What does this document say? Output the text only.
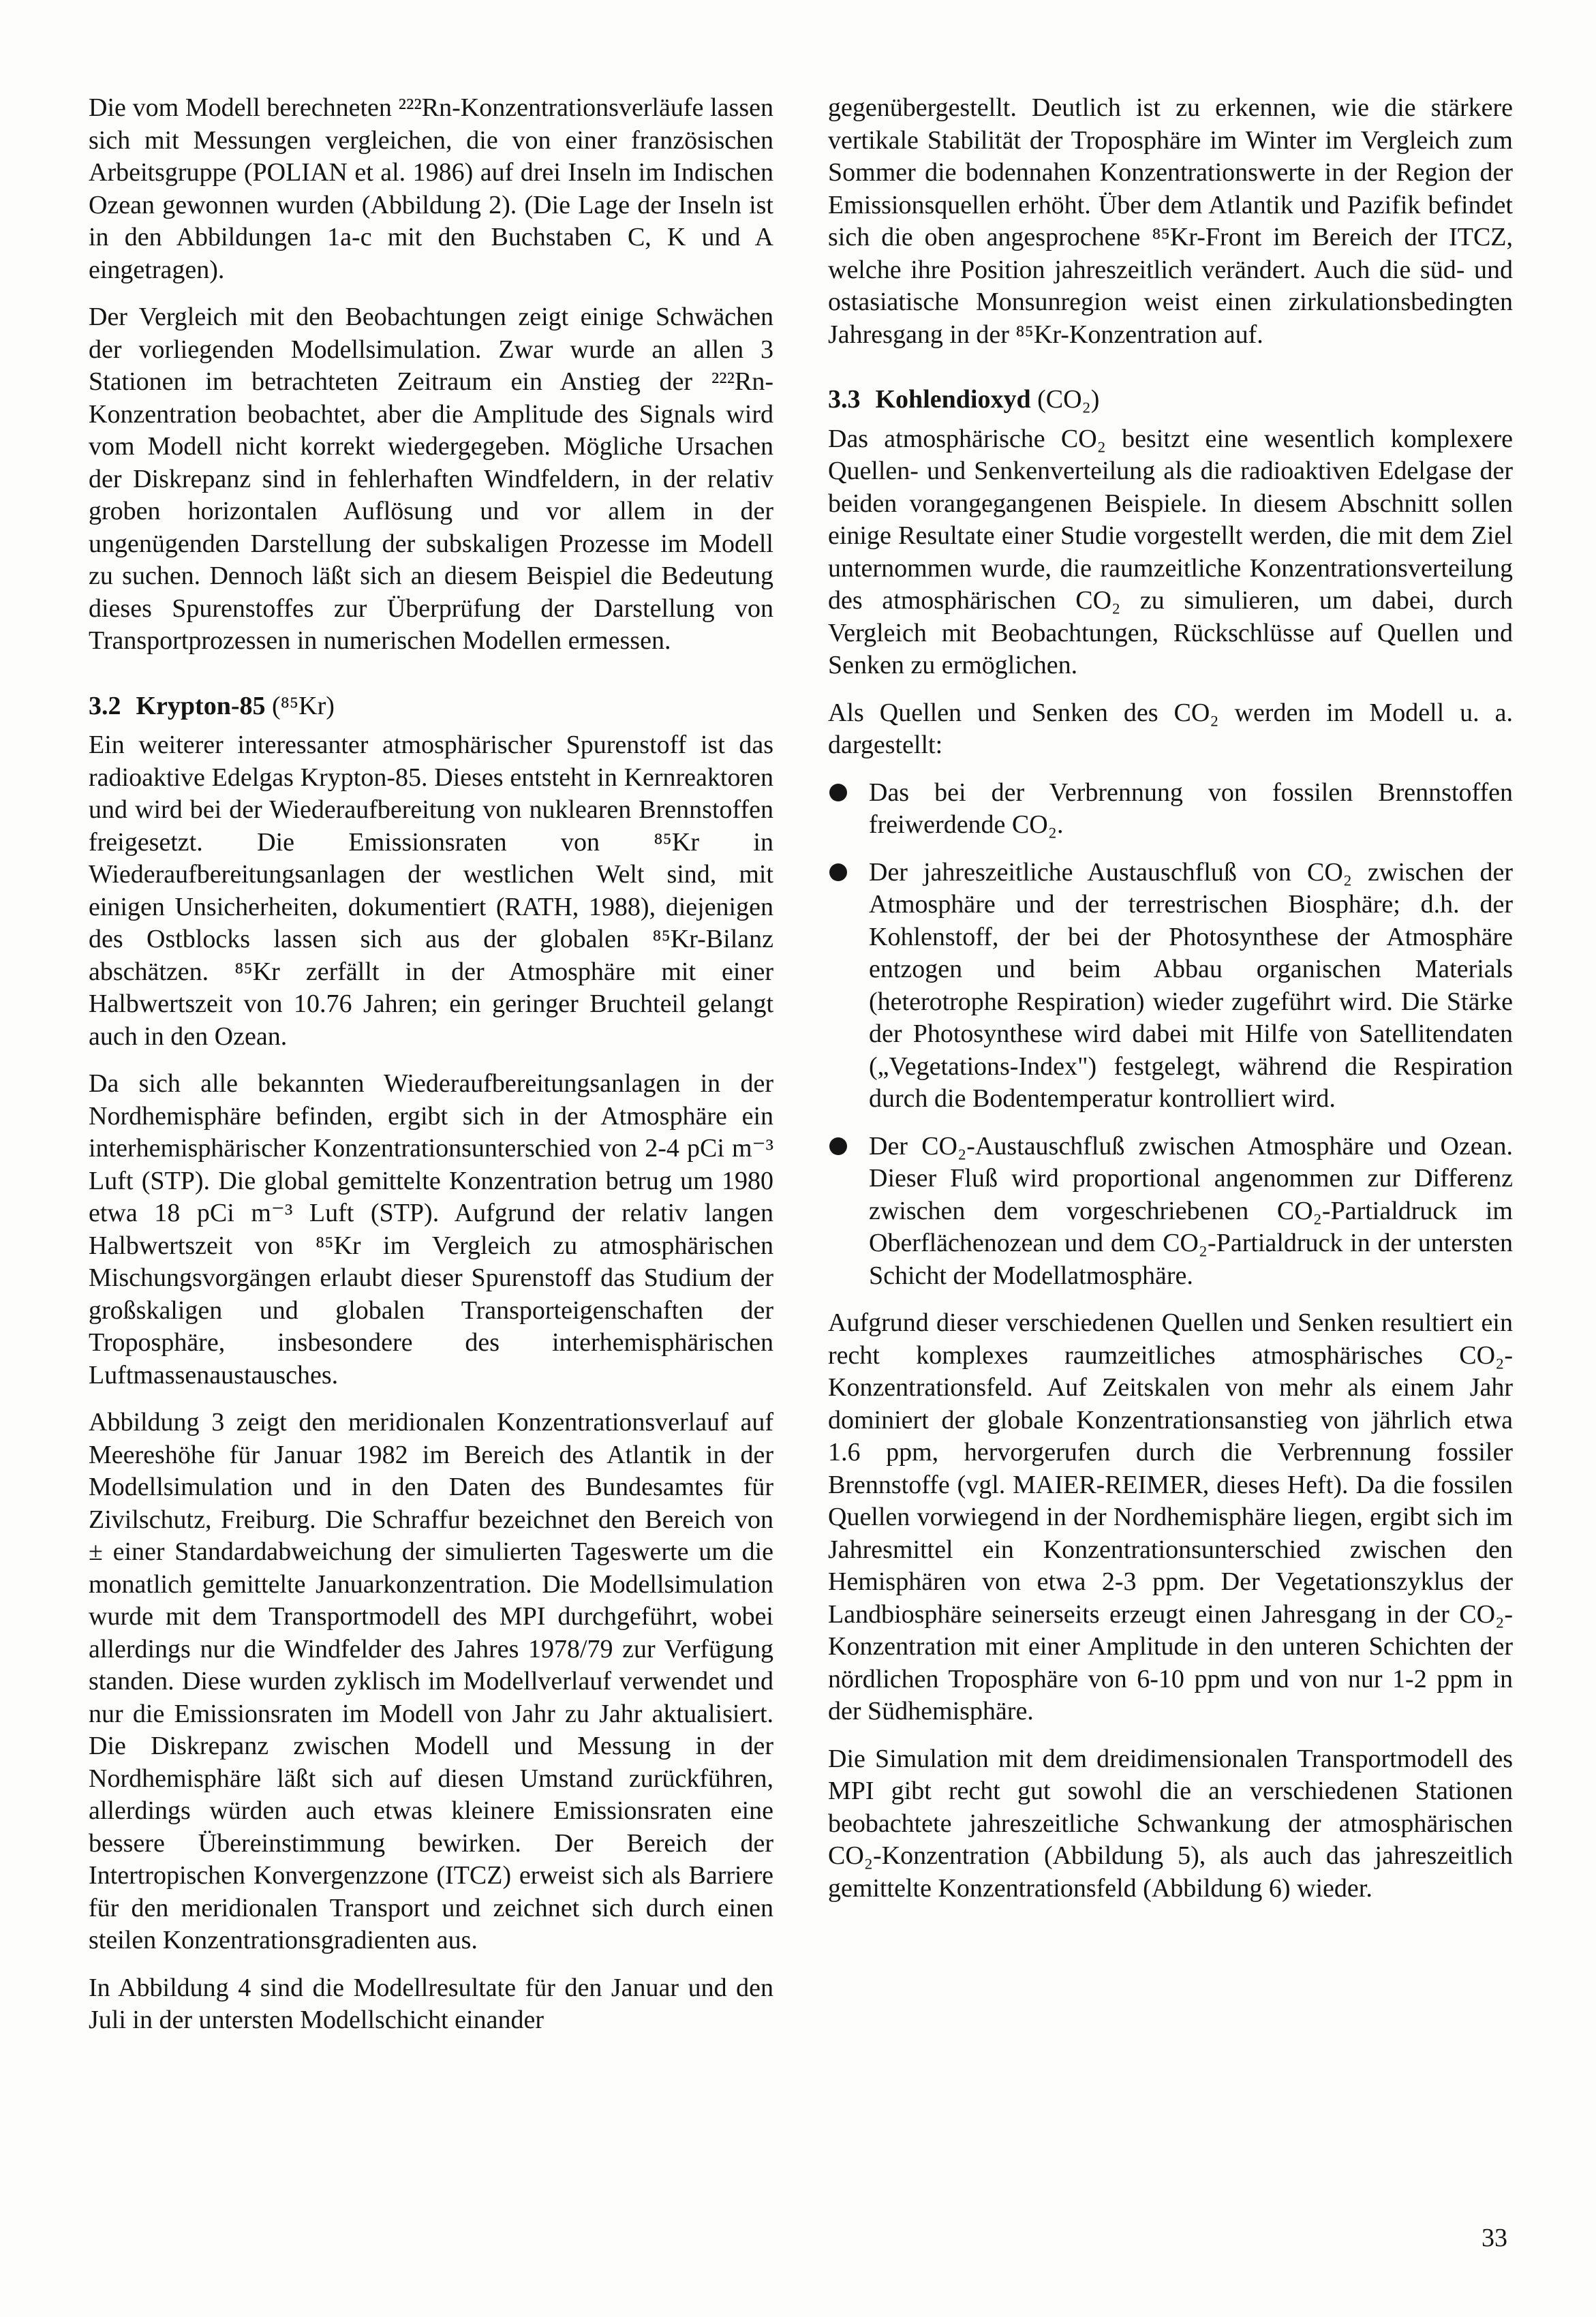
Die vom Modell berechneten ²²²Rn-Konzentrationsverläufe lassen sich mit Messungen vergleichen, die von einer französischen Arbeitsgruppe (POLIAN et al. 1986) auf drei Inseln im Indischen Ozean gewonnen wurden (Abbildung 2). (Die Lage der Inseln ist in den Abbildungen 1a-c mit den Buchstaben C, K und A eingetragen).

Der Vergleich mit den Beobachtungen zeigt einige Schwächen der vorliegenden Modellsimulation. Zwar wurde an allen 3 Stationen im betrachteten Zeitraum ein Anstieg der ²²²Rn-Konzentration beobachtet, aber die Amplitude des Signals wird vom Modell nicht korrekt wiedergegeben. Mögliche Ursachen der Diskrepanz sind in fehlerhaften Windfeldern, in der relativ groben horizontalen Auflösung und vor allem in der ungenügenden Darstellung der subskaligen Prozesse im Modell zu suchen. Dennoch läßt sich an diesem Beispiel die Bedeutung dieses Spurenstoffes zur Überprüfung der Darstellung von Transportprozessen in numerischen Modellen ermessen.

3.2 Krypton-85 (⁸⁵Kr)

Ein weiterer interessanter atmosphärischer Spurenstoff ist das radioaktive Edelgas Krypton-85. Dieses entsteht in Kernreaktoren und wird bei der Wiederaufbereitung von nuklearen Brennstoffen freigesetzt. Die Emissionsraten von ⁸⁵Kr in Wiederaufbereitungsanlagen der westlichen Welt sind, mit einigen Unsicherheiten, dokumentiert (RATH, 1988), diejenigen des Ostblocks lassen sich aus der globalen ⁸⁵Kr-Bilanz abschätzen. ⁸⁵Kr zerfällt in der Atmosphäre mit einer Halbwertszeit von 10.76 Jahren; ein geringer Bruchteil gelangt auch in den Ozean.

Da sich alle bekannten Wiederaufbereitungsanlagen in der Nordhemisphäre befinden, ergibt sich in der Atmosphäre ein interhemisphärischer Konzentrationsunterschied von 2-4 pCi m⁻³ Luft (STP). Die global gemittelte Konzentration betrug um 1980 etwa 18 pCi m⁻³ Luft (STP). Aufgrund der relativ langen Halbwertszeit von ⁸⁵Kr im Vergleich zu atmosphärischen Mischungsvorgängen erlaubt dieser Spurenstoff das Studium der großskaligen und globalen Transporteigenschaften der Troposphäre, insbesondere des interhemisphärischen Luftmassenaustausches.

Abbildung 3 zeigt den meridionalen Konzentrationsverlauf auf Meereshöhe für Januar 1982 im Bereich des Atlantik in der Modellsimulation und in den Daten des Bundesamtes für Zivilschutz, Freiburg. Die Schraffur bezeichnet den Bereich von ± einer Standardabweichung der simulierten Tageswerte um die monatlich gemittelte Januarkonzentration. Die Modellsimulation wurde mit dem Transportmodell des MPI durchgeführt, wobei allerdings nur die Windfelder des Jahres 1978/79 zur Verfügung standen. Diese wurden zyklisch im Modellverlauf verwendet und nur die Emissionsraten im Modell von Jahr zu Jahr aktualisiert. Die Diskrepanz zwischen Modell und Messung in der Nordhemisphäre läßt sich auf diesen Umstand zurückführen, allerdings würden auch etwas kleinere Emissionsraten eine bessere Übereinstimmung bewirken. Der Bereich der Intertropischen Konvergenzzone (ITCZ) erweist sich als Barriere für den meridionalen Transport und zeichnet sich durch einen steilen Konzentrationsgradienten aus.

In Abbildung 4 sind die Modellresultate für den Januar und den Juli in der untersten Modellschicht einander

gegenübergestellt. Deutlich ist zu erkennen, wie die stärkere vertikale Stabilität der Troposphäre im Winter im Vergleich zum Sommer die bodennahen Konzentrationswerte in der Region der Emissionsquellen erhöht. Über dem Atlantik und Pazifik befindet sich die oben angesprochene ⁸⁵Kr-Front im Bereich der ITCZ, welche ihre Position jahreszeitlich verändert. Auch die süd- und ostasiatische Monsunregion weist einen zirkulationsbedingten Jahresgang in der ⁸⁵Kr-Konzentration auf.

3.3 Kohlendioxyd (CO₂)

Das atmosphärische CO₂ besitzt eine wesentlich komplexere Quellen- und Senkenverteilung als die radioaktiven Edelgase der beiden vorangegangenen Beispiele. In diesem Abschnitt sollen einige Resultate einer Studie vorgestellt werden, die mit dem Ziel unternommen wurde, die raumzeitliche Konzentrationsverteilung des atmosphärischen CO₂ zu simulieren, um dabei, durch Vergleich mit Beobachtungen, Rückschlüsse auf Quellen und Senken zu ermöglichen.

Als Quellen und Senken des CO₂ werden im Modell u. a. dargestellt:

Das bei der Verbrennung von fossilen Brennstoffen freiwerdende CO₂.
Der jahreszeitliche Austauschfluß von CO₂ zwischen der Atmosphäre und der terrestrischen Biosphäre; d.h. der Kohlenstoff, der bei der Photosynthese der Atmosphäre entzogen und beim Abbau organischen Materials (heterotrophe Respiration) wieder zugeführt wird. Die Stärke der Photosynthese wird dabei mit Hilfe von Satellitendaten („Vegetations-Index") festgelegt, während die Respiration durch die Bodentemperatur kontrolliert wird.
Der CO₂-Austauschfluß zwischen Atmosphäre und Ozean. Dieser Fluß wird proportional angenommen zur Differenz zwischen dem vorgeschriebenen CO₂-Partialdruck im Oberflächenozean und dem CO₂-Partialdruck in der untersten Schicht der Modellatmosphäre.

Aufgrund dieser verschiedenen Quellen und Senken resultiert ein recht komplexes raumzeitliches atmosphärisches CO₂-Konzentrationsfeld. Auf Zeitskalen von mehr als einem Jahr dominiert der globale Konzentrationsanstieg von jährlich etwa 1.6 ppm, hervorgerufen durch die Verbrennung fossiler Brennstoffe (vgl. MAIER-REIMER, dieses Heft). Da die fossilen Quellen vorwiegend in der Nordhemisphäre liegen, ergibt sich im Jahresmittel ein Konzentrationsunterschied zwischen den Hemisphären von etwa 2-3 ppm. Der Vegetationszyklus der Landbiosphäre seinerseits erzeugt einen Jahresgang in der CO₂-Konzentration mit einer Amplitude in den unteren Schichten der nördlichen Troposphäre von 6-10 ppm und von nur 1-2 ppm in der Südhemisphäre.

Die Simulation mit dem dreidimensionalen Transportmodell des MPI gibt recht gut sowohl die an verschiedenen Stationen beobachtete jahreszeitliche Schwankung der atmosphärischen CO₂-Konzentration (Abbildung 5), als auch das jahreszeitlich gemittelte Konzentrationsfeld (Abbildung 6) wieder.

33
